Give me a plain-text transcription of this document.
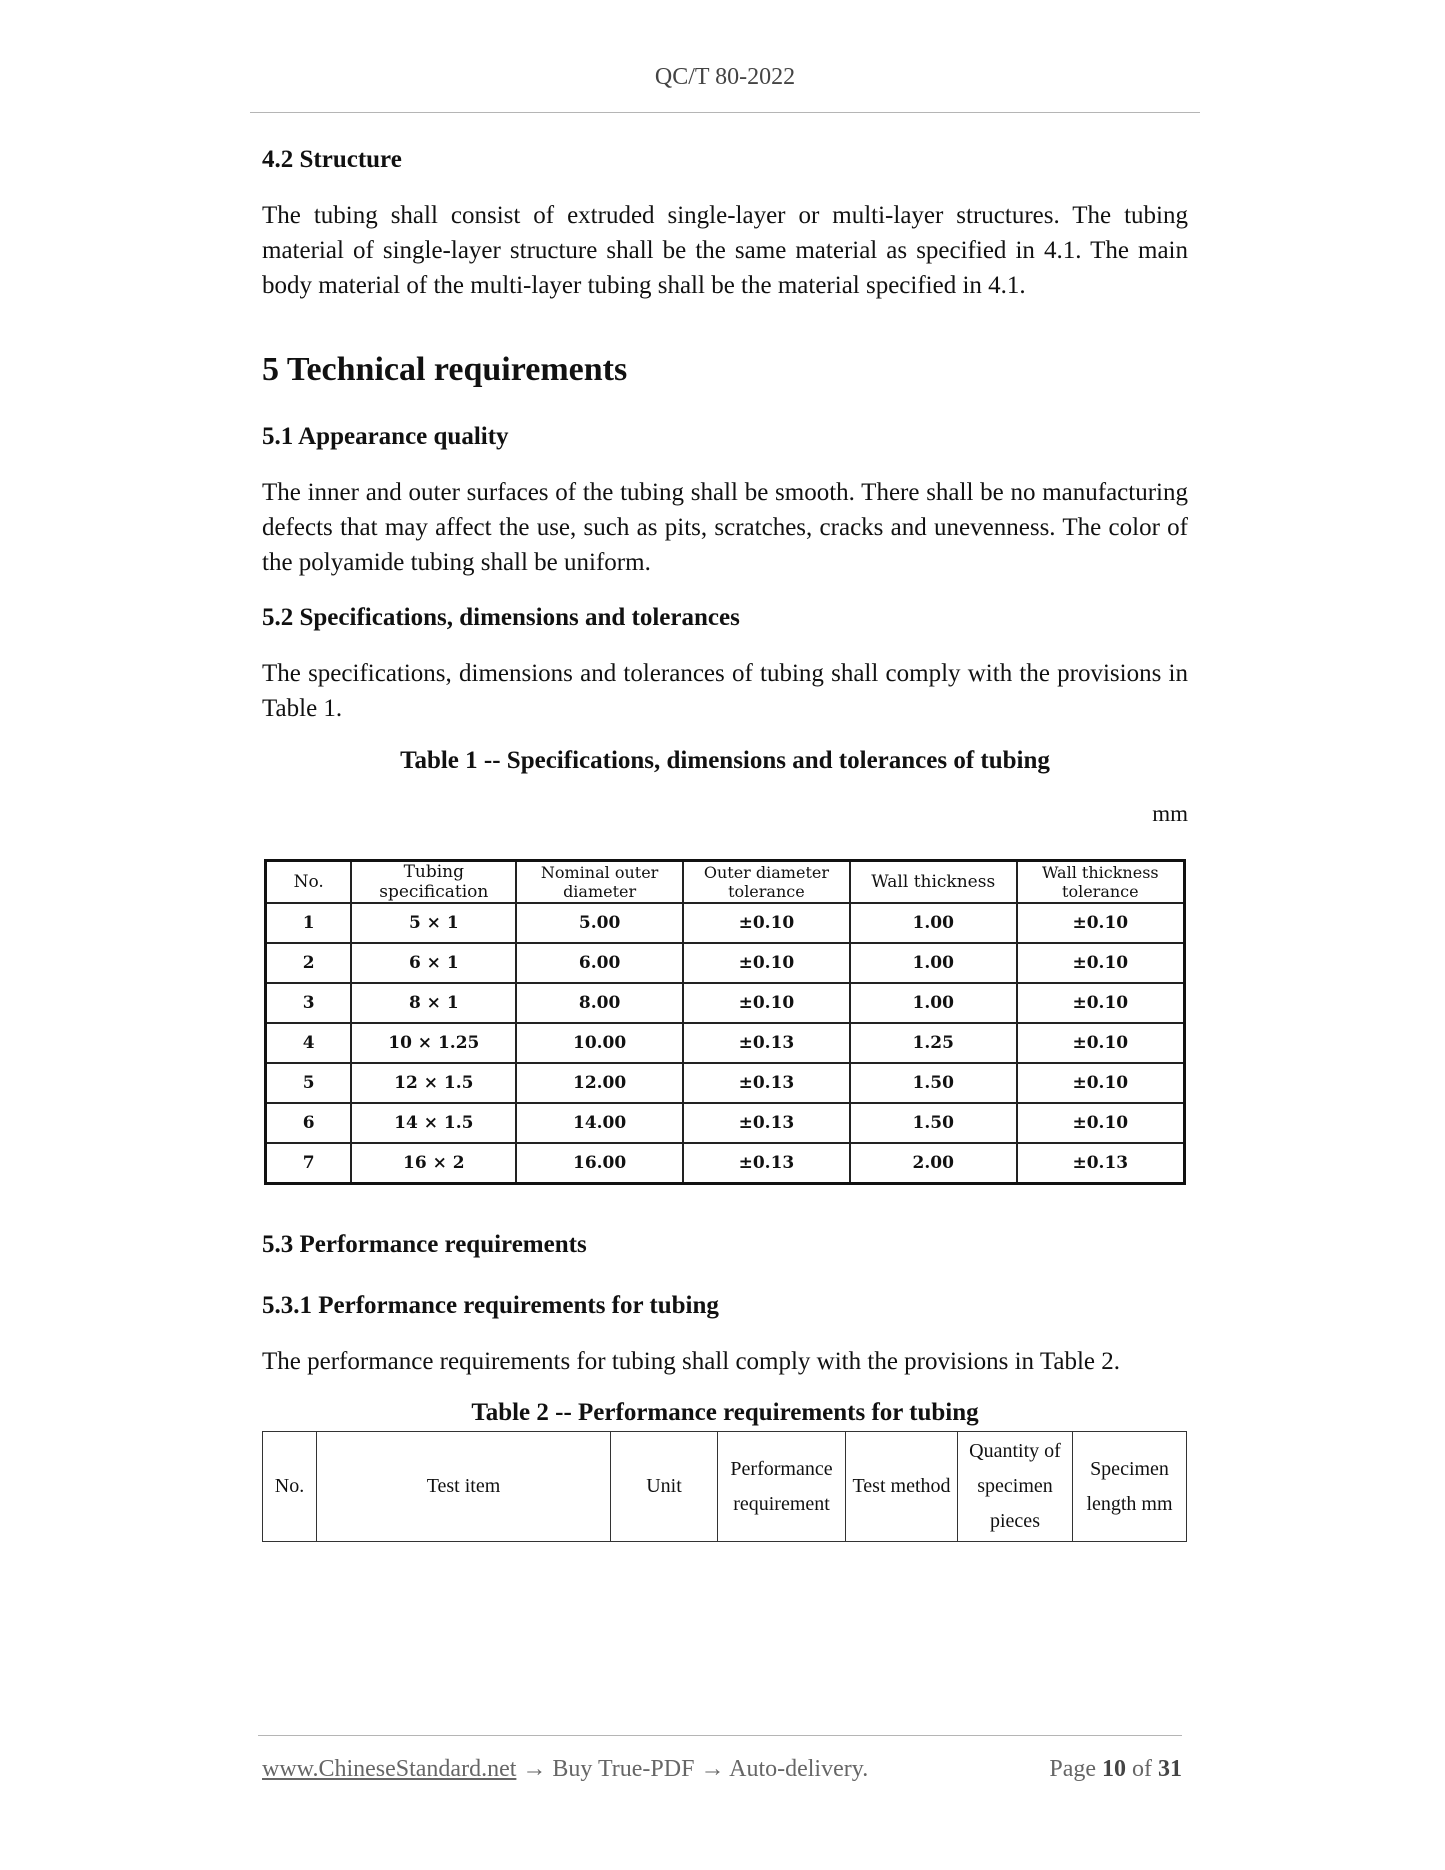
QC/T 80-2022
4.2 Structure

The tubing shall consist of extruded single-layer or multi-layer structures. The tubing material of single-layer structure shall be the same material as specified in 4.1. The main body material of the multi-layer tubing shall be the material specified in 4.1.

5 Technical requirements
5.1 Appearance quality

The inner and outer surfaces of the tubing shall be smooth. There shall be no manufacturing defects that may affect the use, such as pits, scratches, cracks and unevenness. The color of the polyamide tubing shall be uniform.

5.2 Specifications, dimensions and tolerances

The specifications, dimensions and tolerances of tubing shall comply with the provisions in Table 1.

Table 1 -- Specifications, dimensions and tolerances of tubing

mm
No.	Tubing specification	Nominal outer diameter	Outer diameter tolerance	Wall thickness	Wall thickness tolerance
1	5 × 1	5.00	±0.10	1.00	±0.10
2	6 × 1	6.00	±0.10	1.00	±0.10
3	8 × 1	8.00	±0.10	1.00	±0.10
4	10 × 1.25	10.00	±0.13	1.25	±0.10
5	12 × 1.5	12.00	±0.13	1.50	±0.10
6	14 × 1.5	14.00	±0.13	1.50	±0.10
7	16 × 2	16.00	±0.13	2.00	±0.13
5.3 Performance requirements
5.3.1 Performance requirements for tubing

The performance requirements for tubing shall comply with the provisions in Table 2.

Table 2 -- Performance requirements for tubing

No.	Test item	Unit	Performance requirement	Test method	Quantity of specimen pieces	Specimen length mm
www.ChineseStandard.net → Buy True-PDF → Auto-delivery.	Page 10 of 31
